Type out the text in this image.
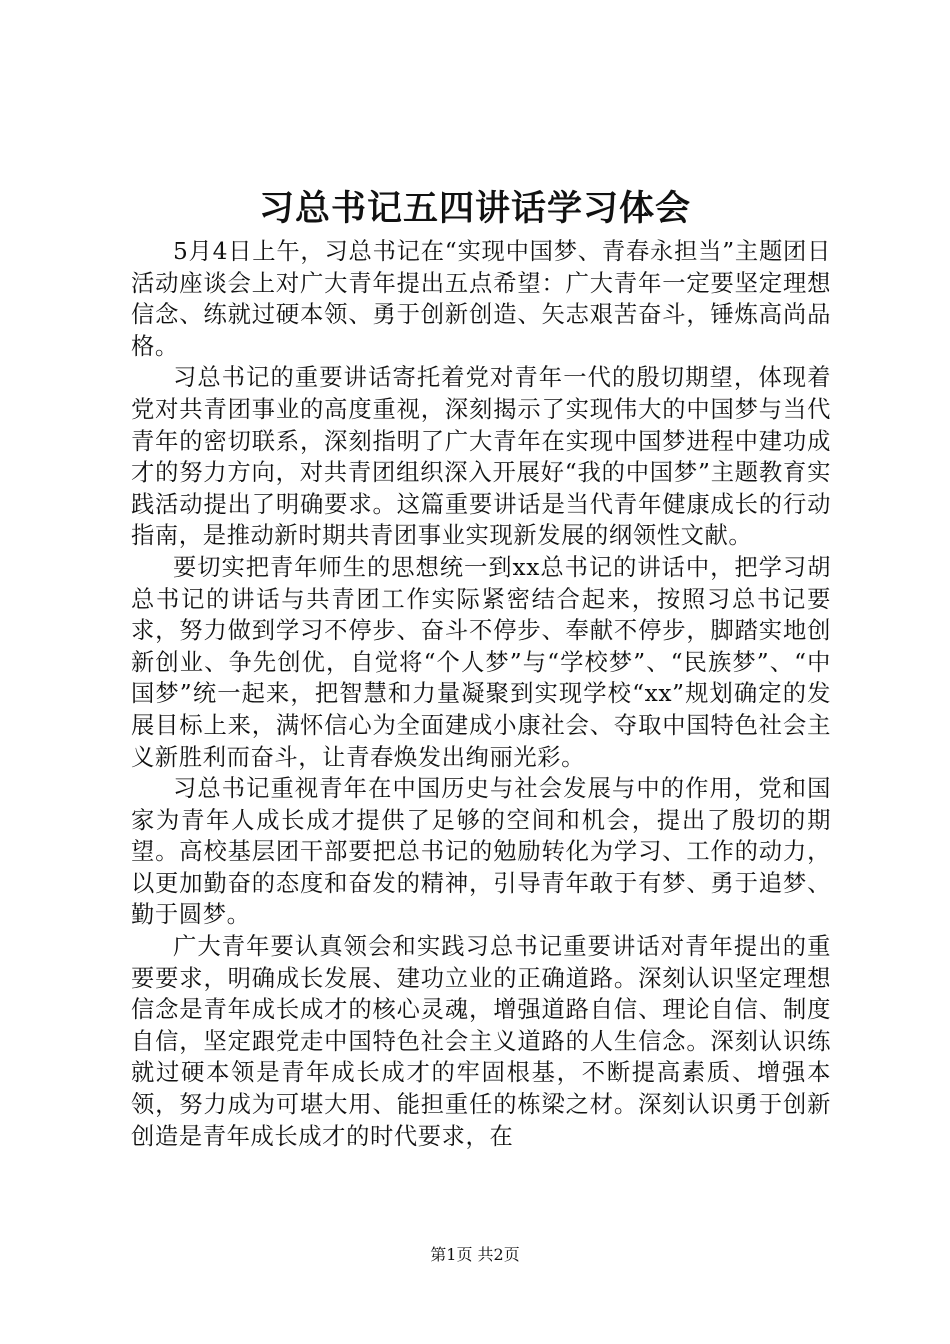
习总书记五四讲话学习体会

5月4日上午，习总书记在“实现中国梦、青春永担当”主题团日活动座谈会上对广大青年提出五点希望：广大青年一定要坚定理想信念、练就过硬本领、勇于创新创造、矢志艰苦奋斗，锤炼高尚品格。

习总书记的重要讲话寄托着党对青年一代的殷切期望，体现着党对共青团事业的高度重视，深刻揭示了实现伟大的中国梦与当代青年的密切联系，深刻指明了广大青年在实现中国梦进程中建功成才的努力方向，对共青团组织深入开展好“我的中国梦”主题教育实践活动提出了明确要求。这篇重要讲话是当代青年健康成长的行动指南，是推动新时期共青团事业实现新发展的纲领性文献。

要切实把青年师生的思想统一到xx总书记的讲话中，把学习胡总书记的讲话与共青团工作实际紧密结合起来，按照习总书记要求，努力做到学习不停步、奋斗不停步、奉献不停步，脚踏实地创新创业、争先创优，自觉将“个人梦”与“学校梦”、“民族梦”、“中国梦”统一起来，把智慧和力量凝聚到实现学校“xx”规划确定的发展目标上来，满怀信心为全面建成小康社会、夺取中国特色社会主义新胜利而奋斗，让青春焕发出绚丽光彩。

习总书记重视青年在中国历史与社会发展与中的作用，党和国家为青年人成长成才提供了足够的空间和机会，提出了殷切的期望。高校基层团干部要把总书记的勉励转化为学习、工作的动力，以更加勤奋的态度和奋发的精神，引导青年敢于有梦、勇于追梦、勤于圆梦。

广大青年要认真领会和实践习总书记重要讲话对青年提出的重要要求，明确成长发展、建功立业的正确道路。深刻认识坚定理想信念是青年成长成才的核心灵魂，增强道路自信、理论自信、制度自信，坚定跟党走中国特色社会主义道路的人生信念。深刻认识练就过硬本领是青年成长成才的牢固根基，不断提高素质、增强本领，努力成为可堪大用、能担重任的栋梁之材。深刻认识勇于创新创造是青年成长成才的时代要求，在

第1页 共2页
